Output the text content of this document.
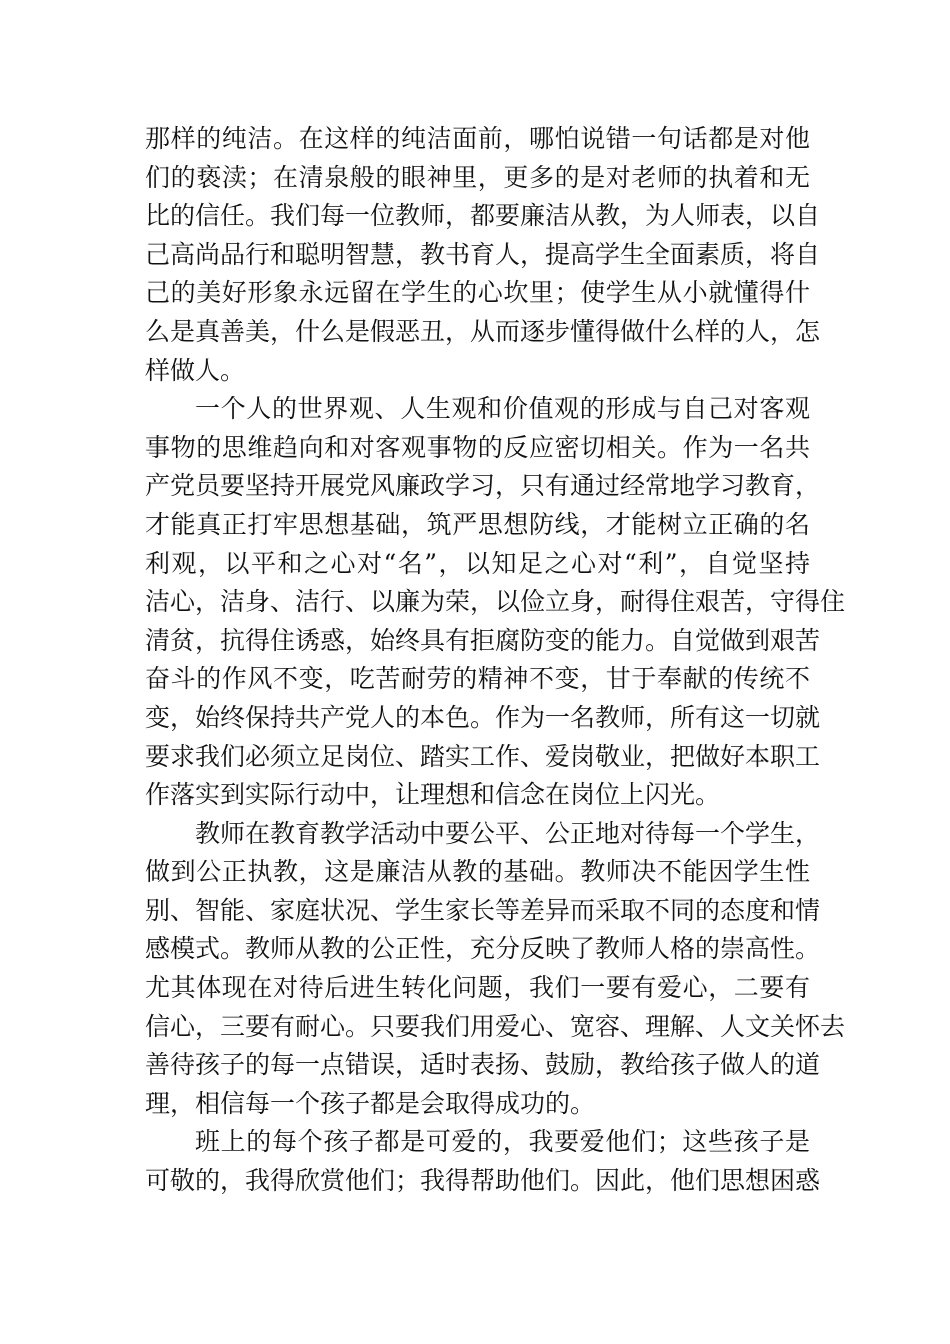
那样的纯洁。在这样的纯洁面前，哪怕说错一句话都是对他
们的亵渎；在清泉般的眼神里，更多的是对老师的执着和无
比的信任。我们每一位教师，都要廉洁从教，为人师表，以自
己高尚品行和聪明智慧，教书育人，提高学生全面素质，将自
己的美好形象永远留在学生的心坎里；使学生从小就懂得什
么是真善美，什么是假恶丑，从而逐步懂得做什么样的人，怎
样做人。
一个人的世界观、人生观和价值观的形成与自己对客观
事物的思维趋向和对客观事物的反应密切相关。作为一名共
产党员要坚持开展党风廉政学习，只有通过经常地学习教育，
才能真正打牢思想基础，筑严思想防线，才能树立正确的名
利观，以平和之心对“名”，以知足之心对“利”，自觉坚持
洁心，洁身、洁行、以廉为荣，以俭立身，耐得住艰苦，守得住
清贫，抗得住诱惑，始终具有拒腐防变的能力。自觉做到艰苦
奋斗的作风不变，吃苦耐劳的精神不变，甘于奉献的传统不
变，始终保持共产党人的本色。作为一名教师，所有这一切就
要求我们必须立足岗位、踏实工作、爱岗敬业，把做好本职工
作落实到实际行动中，让理想和信念在岗位上闪光。
教师在教育教学活动中要公平、公正地对待每一个学生，
做到公正执教，这是廉洁从教的基础。教师决不能因学生性
别、智能、家庭状况、学生家长等差异而采取不同的态度和情
感模式。教师从教的公正性，充分反映了教师人格的崇高性。
尤其体现在对待后进生转化问题，我们一要有爱心，二要有
信心，三要有耐心。只要我们用爱心、宽容、理解、人文关怀去
善待孩子的每一点错误，适时表扬、鼓励，教给孩子做人的道
理，相信每一个孩子都是会取得成功的。
班上的每个孩子都是可爱的，我要爱他们；这些孩子是
可敬的，我得欣赏他们；我得帮助他们。因此，他们思想困惑
